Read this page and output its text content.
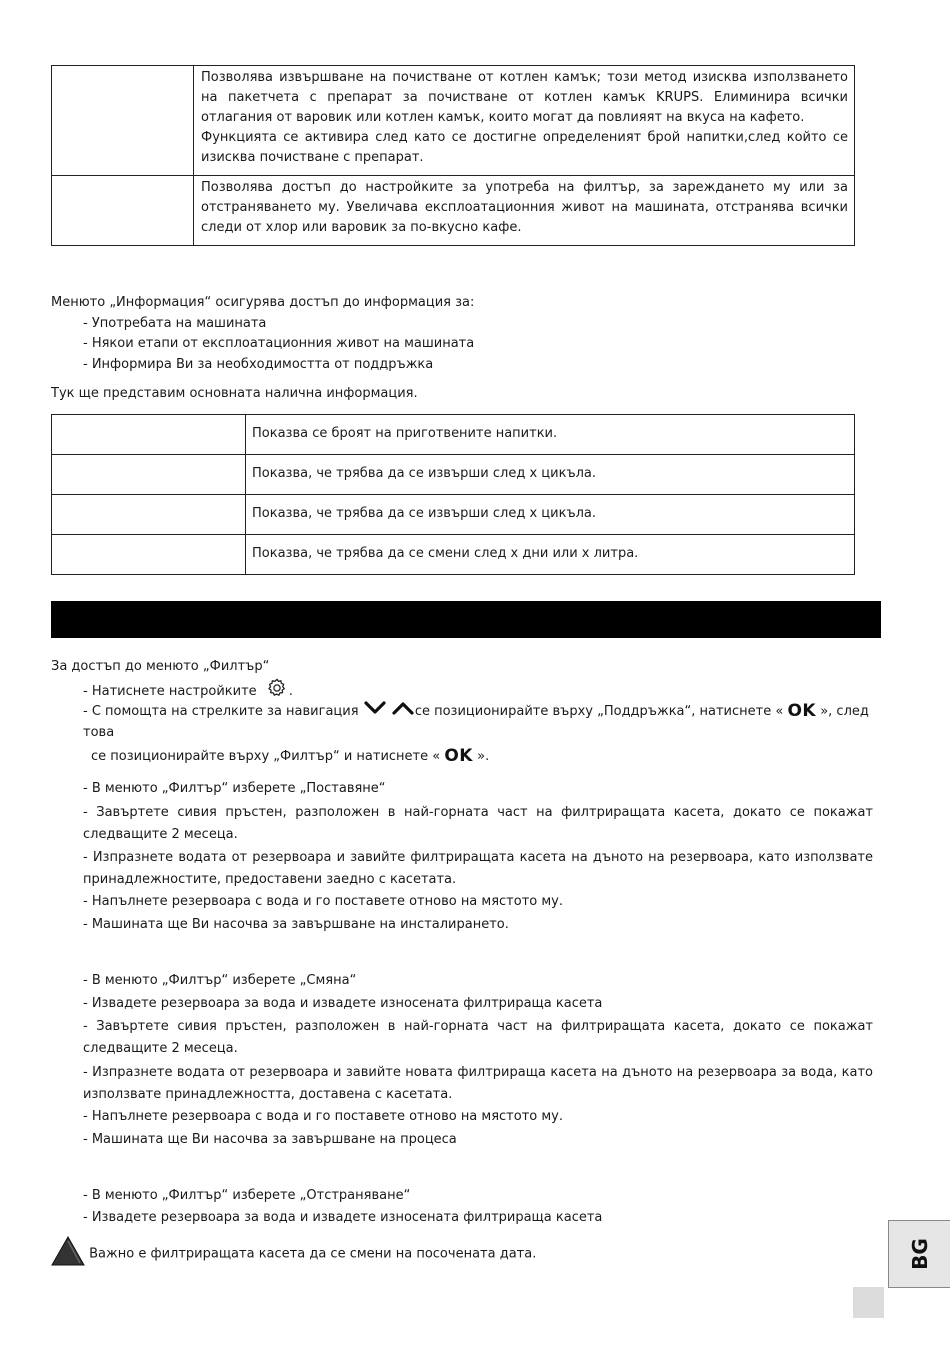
	Позволява извършване на почистване от котлен камък; този метод изисква използването на пакетчета с препарат за почистване от котлен камък KRUPS. Елиминира всички отлагания от варовик или котлен камък, които могат да повлияят на вкуса на кафето.
Функцията се активира след като се достигне определеният брой напитки,след който се изисква почистване с препарат.

	Позволява достъп до настройките за употреба на филтър, за зареждането му или за отстраняването му. Увеличава експлоатационния живот на машината, отстранява всички следи от хлор или варовик за по-вкусно кафе.
Менюто „Информация“ осигурява достъп до информация за:
- Употребата на машината
- Някои етапи от експлоатационния живот на машината
- Информира Ви за необходимостта от поддръжка
Тук ще представим основната налична информация.
	Показва се броят на приготвените напитки.
	Показва, че трябва да се извърши след x цикъла.
	Показва, че трябва да се извърши след x цикъла.
	Показва, че трябва да се смени след x дни или x литра.
За достъп до менюто „Филтър“
- Натиснете настройките .
- С помощта на стрелките за навигация	се позиционирайте върху „Поддръжка“, натиснете « OK », след това
се позиционирайте върху „Филтър“ и натиснете « OK ».
- В менюто „Филтър“ изберете „Поставяне“
- Завъртете сивия пръстен, разположен в най-горната част на филтриращата касета, докато се покажат следващите 2 месеца.
- Изпразнете водата от резервоара и завийте филтриращата касета на дъното на резервоара, като използвате принадлежностите, предоставени заедно с касетата.
- Напълнете резервоара с вода и го поставете отново на мястото му.
- Машината ще Ви насочва за завършване на инсталирането.
- В менюто „Филтър“ изберете „Смяна“
- Извадете резервоара за вода и извадете износената филтрираща касета
- Завъртете сивия пръстен, разположен в най-горната част на филтриращата касета, докато се покажат следващите 2 месеца.
- Изпразнете водата от резервоара и завийте новата филтрираща касета на дъното на резервоара за вода, като използвате принадлежността, доставена с касетата.
- Напълнете резервоара с вода и го поставете отново на мястото му.
- Машината ще Ви насочва за завършване на процеса
- В менюто „Филтър“ изберете „Отстраняване“
- Извадете резервоара за вода и извадете износената филтрираща касета
Важно е филтриращата касета да се смени на посочената дата.	BG
